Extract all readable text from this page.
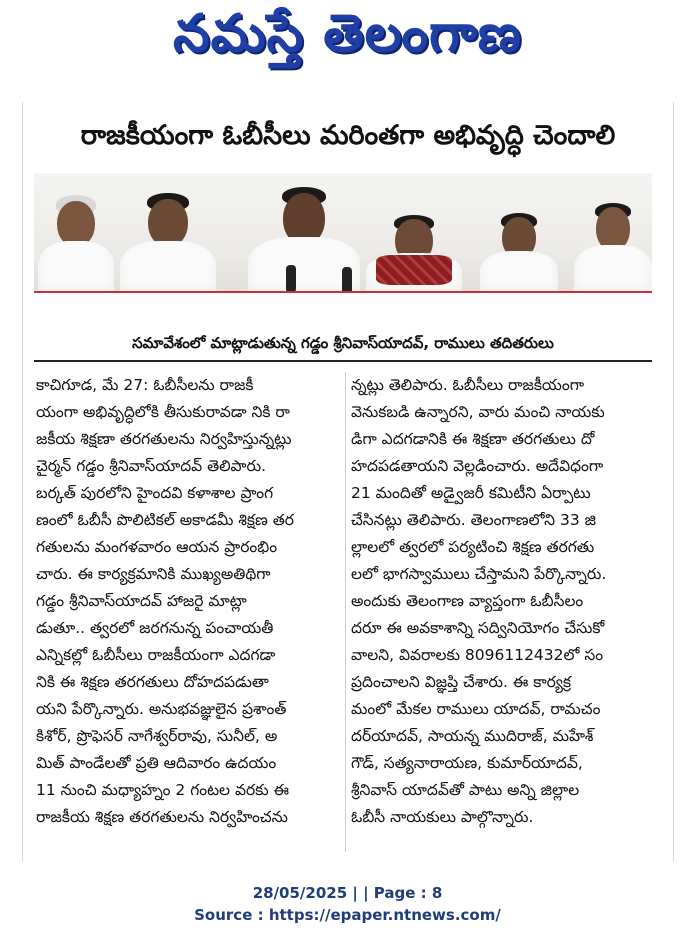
నమస్తే తెలంగాణ
రాజకీయంగా ఓబీసీలు మరింతగా అభివృద్ధి చెందాలి
సమావేశంలో మాట్లాడుతున్న గడ్డం శ్రీనివాస్‌యాదవ్, రాములు తదితరులు
కాచిగూడ, మే 27: ఓబీసీలను రాజకీ
యంగా అభివృద్ధిలోకి తీసుకురావడా నికి రా
జకీయ శిక్షణా తరగతులను నిర్వహిస్తున్నట్లు
చైర్మన్ గడ్డం శ్రీనివాస్‌యాదవ్ తెలిపారు.
బర్కత్ పురలోని హైందవి కళాశాల ప్రాంగ
ణంలో ఓబీసీ పొలిటికల్ అకాడమీ శిక్షణ తర
గతులను మంగళవారం ఆయన ప్రారంభిం
చారు. ఈ కార్యక్రమానికి ముఖ్యఅతిథిగా
గడ్డం శ్రీనివాస్‌యాదవ్ హాజరై మాట్లా
డుతూ.. త్వరలో జరగనున్న పంచాయతీ
ఎన్నికల్లో ఓబీసీలు రాజకీయంగా ఎదగడా
నికి ఈ శిక్షణ తరగతులు దోహదపడుతా
యని పేర్కొన్నారు. అనుభవజ్ఞులైన ప్రశాంత్
కిశోర్, ప్రొఫెసర్ నాగేశ్వర్‌రావు, సునీల్, అ
మిత్ పాండేలతో ప్రతి ఆదివారం ఉదయం
11 నుంచి మధ్యాహ్నం 2 గంటల వరకు ఈ
రాజకీయ శిక్షణ తరగతులను నిర్వహించను
న్నట్లు తెలిపారు. ఓబీసీలు రాజకీయంగా
వెనుకబడి ఉన్నారని, వారు మంచి నాయకు
డిగా ఎదగడానికి ఈ శిక్షణా తరగతులు దో
హదపడతాయని వెల్లడించారు. అదేవిధంగా
21 మందితో అడ్వైజరీ కమిటీని ఏర్పాటు
చేసినట్లు తెలిపారు. తెలంగాణలోని 33 జి
ల్లాలలో త్వరలో పర్యటించి శిక్షణ తరగతు
లలో భాగస్వాములు చేస్తామని పేర్కొన్నారు.
అందుకు తెలంగాణ వ్యాప్తంగా ఓబీసీలం
దరూ ఈ అవకాశాన్ని సద్వినియోగం చేసుకో
వాలని, వివరాలకు 8096112432లో సం
ప్రదించాలని విజ్ఞప్తి చేశారు. ఈ కార్యక్ర
మంలో మేకల రాములు యాదవ్, రామచం
దర్‌యాదవ్, సాయన్న ముదిరాజ్, మహేశ్
గౌడ్, సత్యనారాయణ, కుమార్‌యాదవ్,
శ్రీనివాస్ యాదవ్‌తో పాటు అన్ని జిల్లాల
ఓబీసీ నాయకులు పాల్గొన్నారు.
28/05/2025 | | Page : 8
Source : https://epaper.ntnews.com/
